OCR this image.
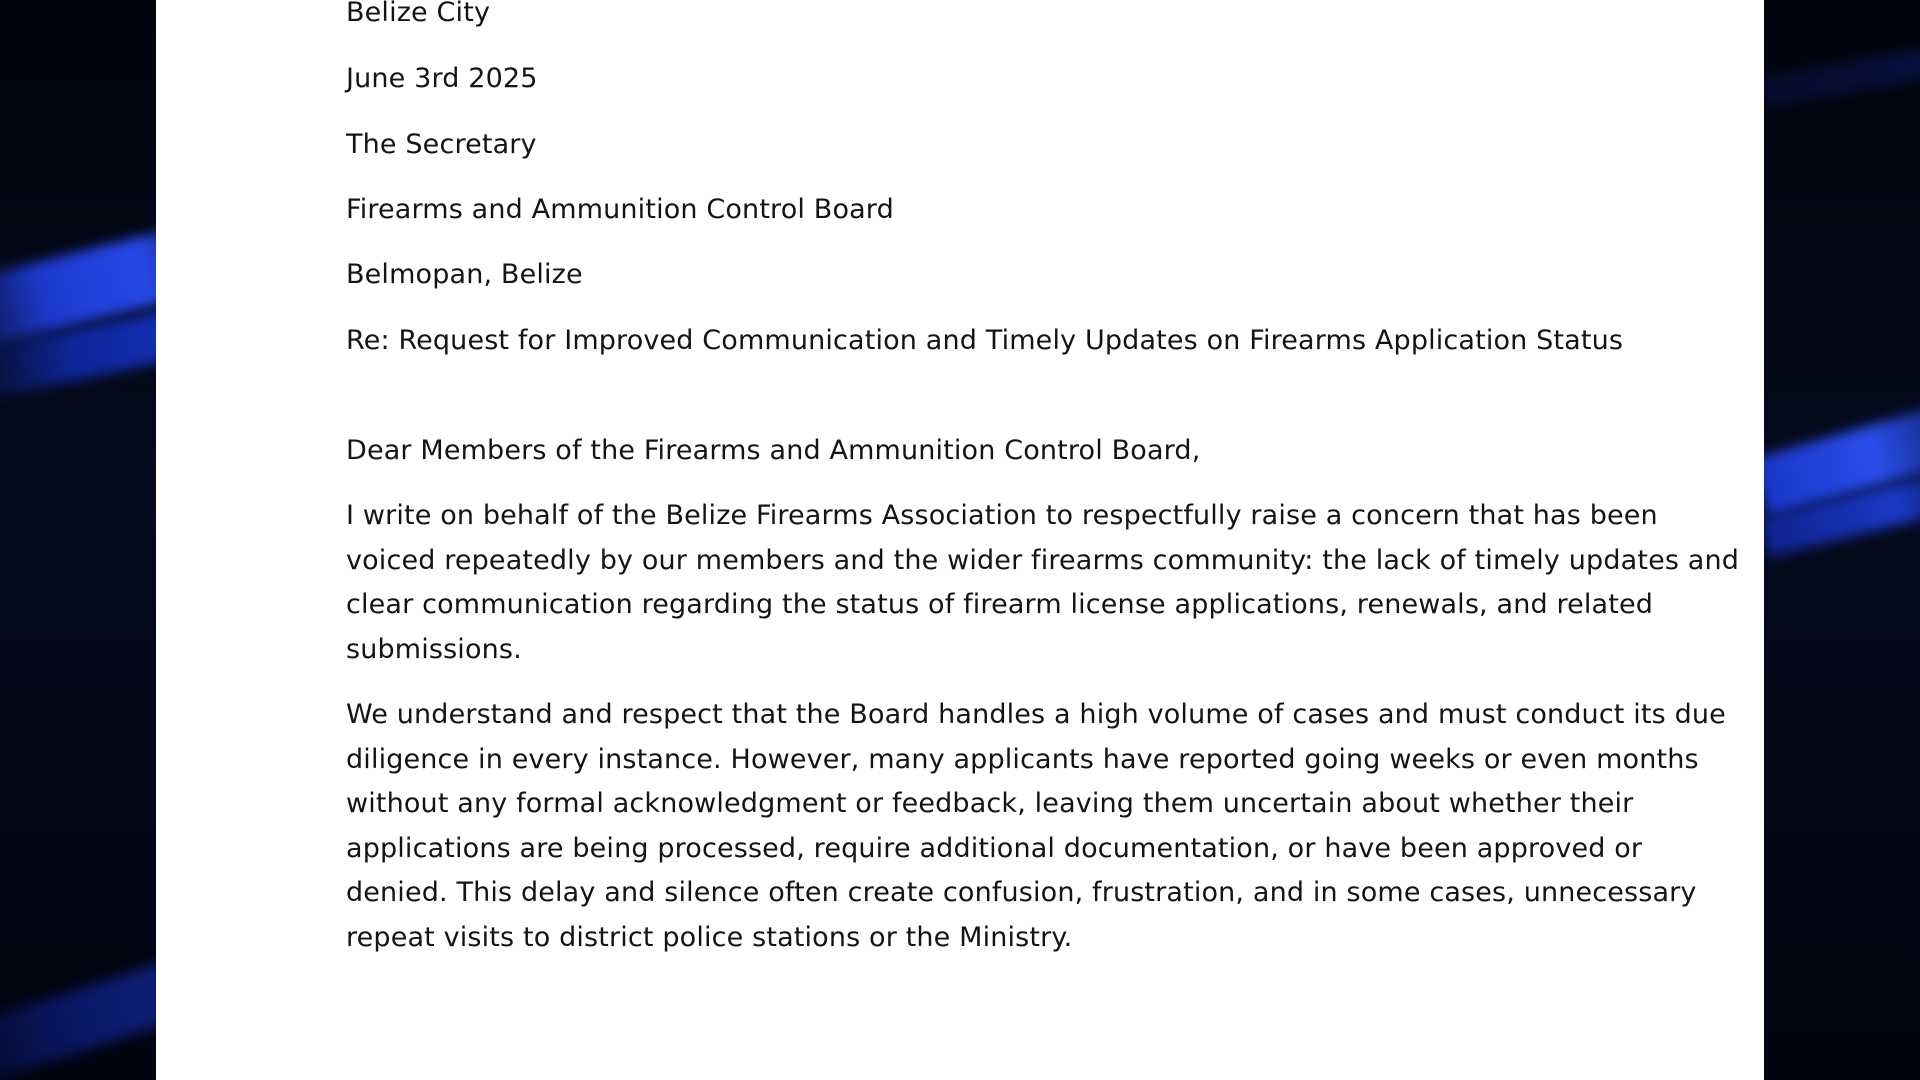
Belize City
June 3rd 2025
The Secretary
Firearms and Ammunition Control Board
Belmopan, Belize
Re: Request for Improved Communication and Timely Updates on Firearms Application Status
Dear Members of the Firearms and Ammunition Control Board,
I write on behalf of the Belize Firearms Association to respectfully raise a concern that has been voiced repeatedly by our members and the wider firearms community: the lack of timely updates and clear communication regarding the status of firearm license applications, renewals, and related submissions.
We understand and respect that the Board handles a high volume of cases and must conduct its due diligence in every instance. However, many applicants have reported going weeks or even months without any formal acknowledgment or feedback, leaving them uncertain about whether their applications are being processed, require additional documentation, or have been approved or denied. This delay and silence often create confusion, frustration, and in some cases, unnecessary repeat visits to district police stations or the Ministry.
